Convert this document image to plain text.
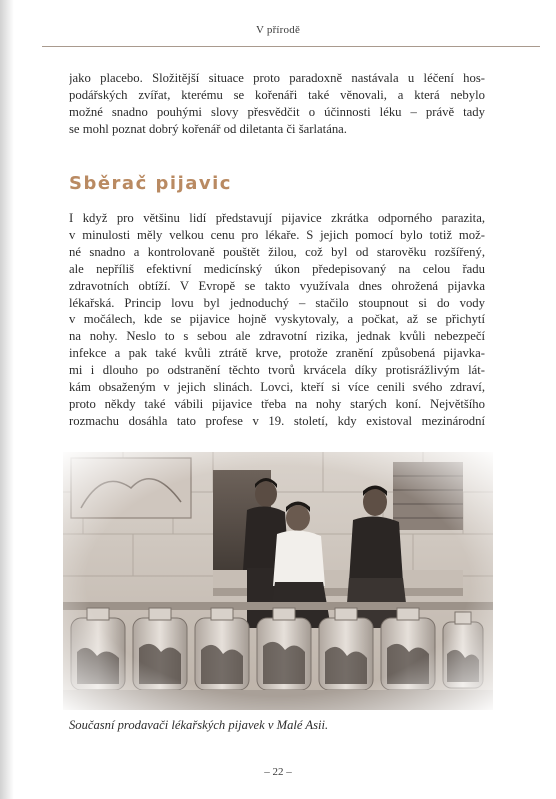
V přírodě

jako placebo. Složitější situace proto paradoxně nastávala u léčení hos-
podářských zvířat, kterému se kořenáři také věnovali, a která nebylo
možné snadno pouhými slovy přesvědčit o účinnosti léku – právě tady
se mohl poznat dobrý kořenář od diletanta či šarlatána.

Sběrač pijavic

I když pro většinu lidí představují pijavice zkrátka odporného parazita,
v minulosti měly velkou cenu pro lékaře. S jejich pomocí bylo totiž mož-
né snadno a kontrolovaně pouštět žilou, což byl od starověku rozšířený,
ale nepříliš efektivní medicínský úkon předepisovaný na celou řadu
zdravotních obtíží. V Evropě se takto využívala dnes ohrožená pijavka
lékařská. Princip lovu byl jednoduchý – stačilo stoupnout si do vody
v močálech, kde se pijavice hojně vyskytovaly, a počkat, až se přichytí
na nohy. Neslo to s sebou ale zdravotní rizika, jednak kvůli nebezpečí
infekce a pak také kvůli ztrátě krve, protože zranění způsobená pijavka-
mi i dlouho po odstranění těchto tvorů krvácela díky protisrážlivým lát-
kám obsaženým v jejich slinách. Lovci, kteří si více cenili svého zdraví,
proto někdy také vábili pijavice třeba na nohy starých koní. Největšího
rozmachu dosáhla tato profese v 19. století, kdy existoval mezinárodní

Současní prodavači lékařských pijavek v Malé Asii.

– 22 –
